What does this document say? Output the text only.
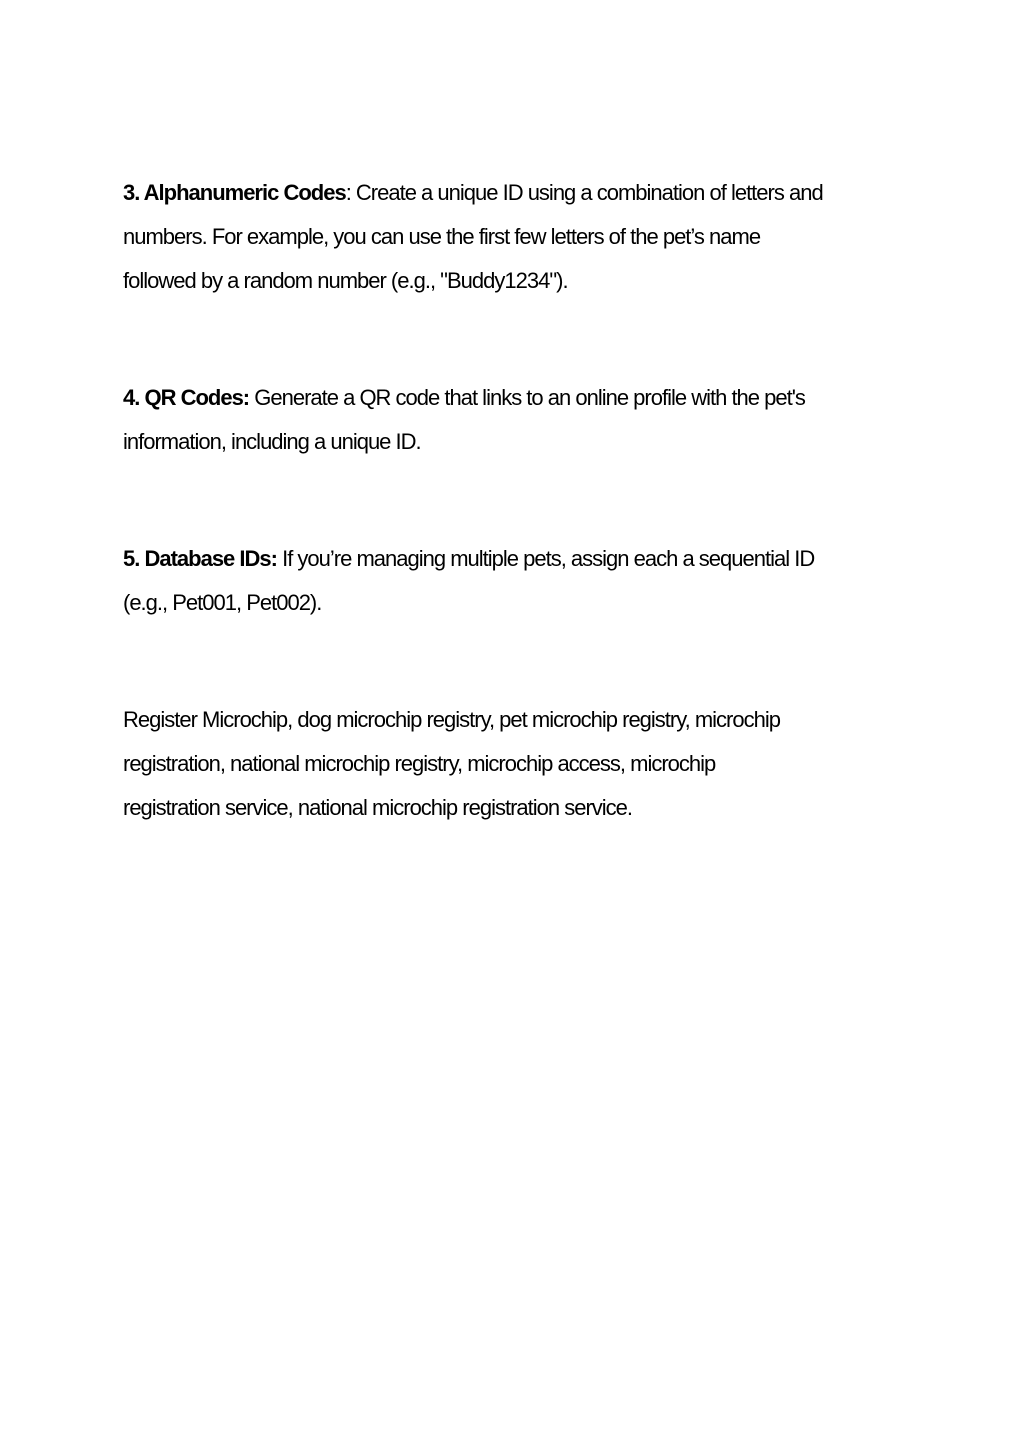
3. Alphanumeric Codes: Create a unique ID using a combination of letters and
numbers. For example, you can use the first few letters of the pet’s name
followed by a random number (e.g., "Buddy1234").
4. QR Codes: Generate a QR code that links to an online profile with the pet's
information, including a unique ID.
5. Database IDs: If you’re managing multiple pets, assign each a sequential ID
(e.g., Pet001, Pet002).
Register Microchip, dog microchip registry, pet microchip registry, microchip
registration, national microchip registry, microchip access, microchip
registration service, national microchip registration service.
